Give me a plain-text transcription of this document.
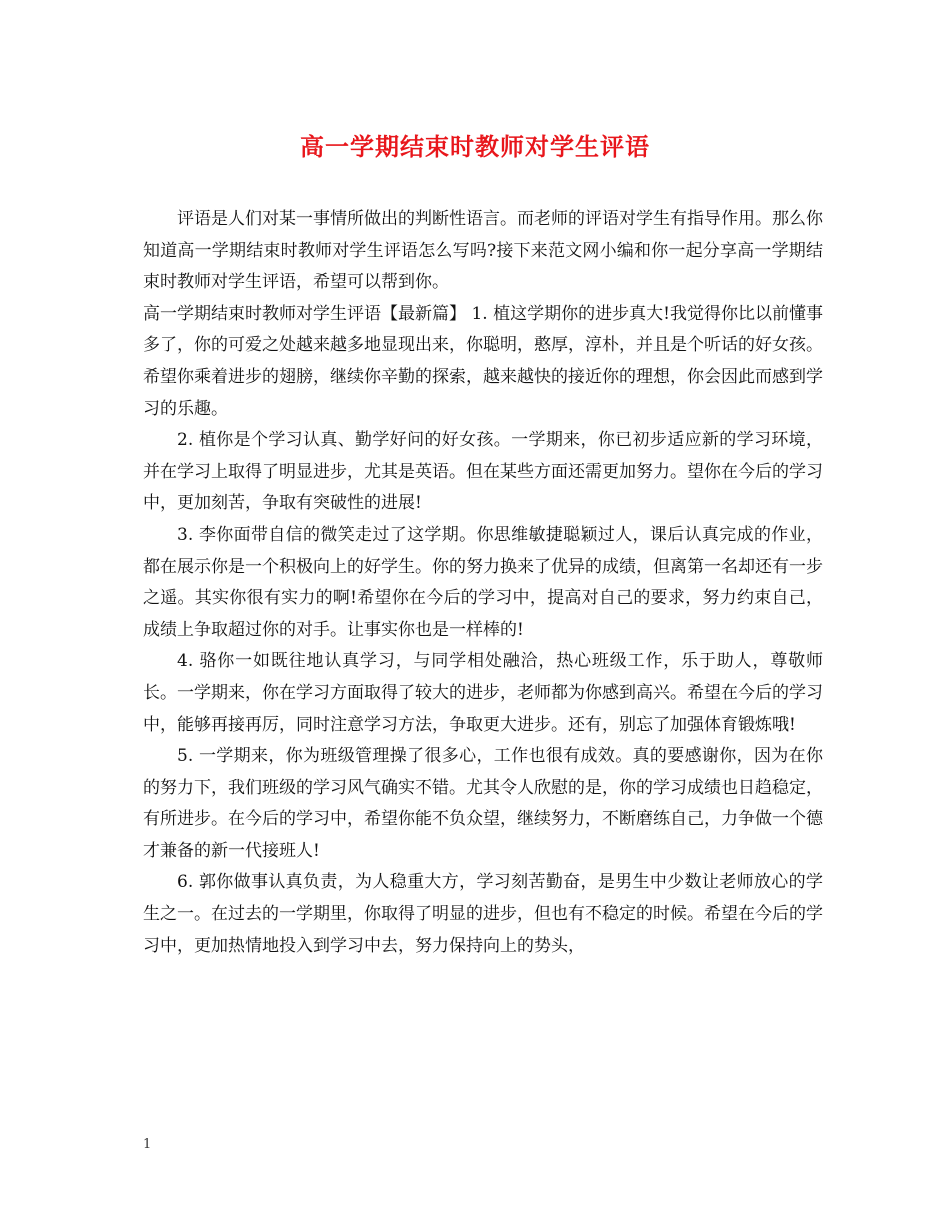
高一学期结束时教师对学生评语

评语是人们对某一事情所做出的判断性语言。而老师的评语对学生有指导作用。那么你知道高一学期结束时教师对学生评语怎么写吗?接下来范文网小编和你一起分享高一学期结束时教师对学生评语，希望可以帮到你。

高一学期结束时教师对学生评语【最新篇】 1. 植这学期你的进步真大!我觉得你比以前懂事多了，你的可爱之处越来越多地显现出来，你聪明，憨厚，淳朴，并且是个听话的好女孩。希望你乘着进步的翅膀，继续你辛勤的探索，越来越快的接近你的理想，你会因此而感到学习的乐趣。

2. 植你是个学习认真、勤学好问的好女孩。一学期来，你已初步适应新的学习环境，并在学习上取得了明显进步，尤其是英语。但在某些方面还需更加努力。望你在今后的学习中，更加刻苦，争取有突破性的进展!

3. 李你面带自信的微笑走过了这学期。你思维敏捷聪颖过人，课后认真完成的作业，都在展示你是一个积极向上的好学生。你的努力换来了优异的成绩，但离第一名却还有一步之遥。其实你很有实力的啊!希望你在今后的学习中，提高对自己的要求，努力约束自己，成绩上争取超过你的对手。让事实你也是一样棒的!

4. 骆你一如既往地认真学习，与同学相处融洽，热心班级工作，乐于助人，尊敬师长。一学期来，你在学习方面取得了较大的进步，老师都为你感到高兴。希望在今后的学习中，能够再接再厉，同时注意学习方法，争取更大进步。还有，别忘了加强体育锻炼哦!

5. 一学期来，你为班级管理操了很多心，工作也很有成效。真的要感谢你，因为在你的努力下，我们班级的学习风气确实不错。尤其令人欣慰的是，你的学习成绩也日趋稳定，有所进步。在今后的学习中，希望你能不负众望，继续努力，不断磨练自己，力争做一个德才兼备的新一代接班人!

6. 郭你做事认真负责，为人稳重大方，学习刻苦勤奋，是男生中少数让老师放心的学生之一。在过去的一学期里，你取得了明显的进步，但也有不稳定的时候。希望在今后的学习中，更加热情地投入到学习中去，努力保持向上的势头，

1
